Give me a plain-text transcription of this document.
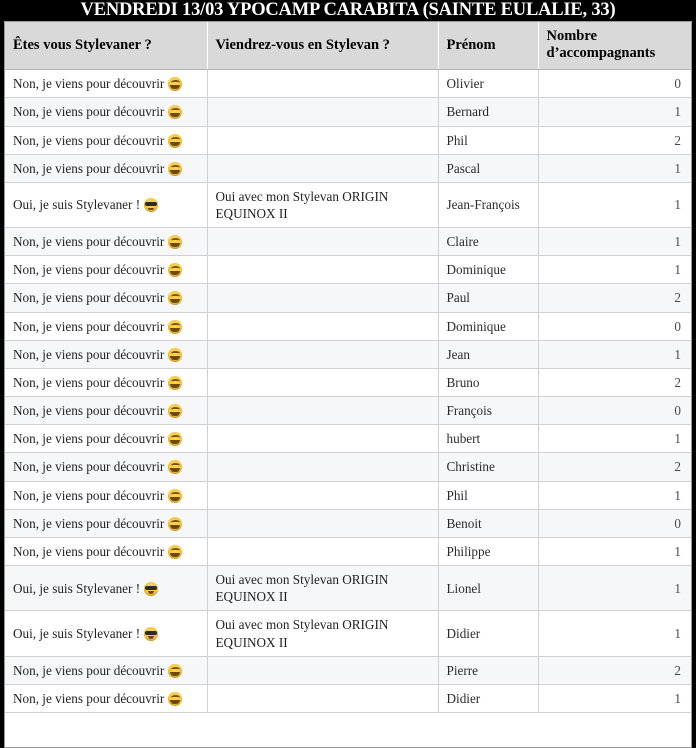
VENDREDI 13/03 YPOCAMP CARABITA (SAINTE EULALIE, 33)
Êtes vous Stylevaner ?	Viendrez-vous en Stylevan ?	Prénom	Nombre d’accompagnants
Non, je viens pour découvrir		Olivier	0
Non, je viens pour découvrir		Bernard	1
Non, je viens pour découvrir		Phil	2
Non, je viens pour découvrir		Pascal	1
Oui, je suis Stylevaner !	Oui avec mon Stylevan ORIGIN EQUINOX II	Jean-François	1
Non, je viens pour découvrir		Claire	1
Non, je viens pour découvrir		Dominique	1
Non, je viens pour découvrir		Paul	2
Non, je viens pour découvrir		Dominique	0
Non, je viens pour découvrir		Jean	1
Non, je viens pour découvrir		Bruno	2
Non, je viens pour découvrir		François	0
Non, je viens pour découvrir		hubert	1
Non, je viens pour découvrir		Christine	2
Non, je viens pour découvrir		Phil	1
Non, je viens pour découvrir		Benoit	0
Non, je viens pour découvrir		Philippe	1
Oui, je suis Stylevaner !	Oui avec mon Stylevan ORIGIN EQUINOX II	Lionel	1
Oui, je suis Stylevaner !	Oui avec mon Stylevan ORIGIN EQUINOX II	Didier	1
Non, je viens pour découvrir		Pierre	2
Non, je viens pour découvrir		Didier	1
